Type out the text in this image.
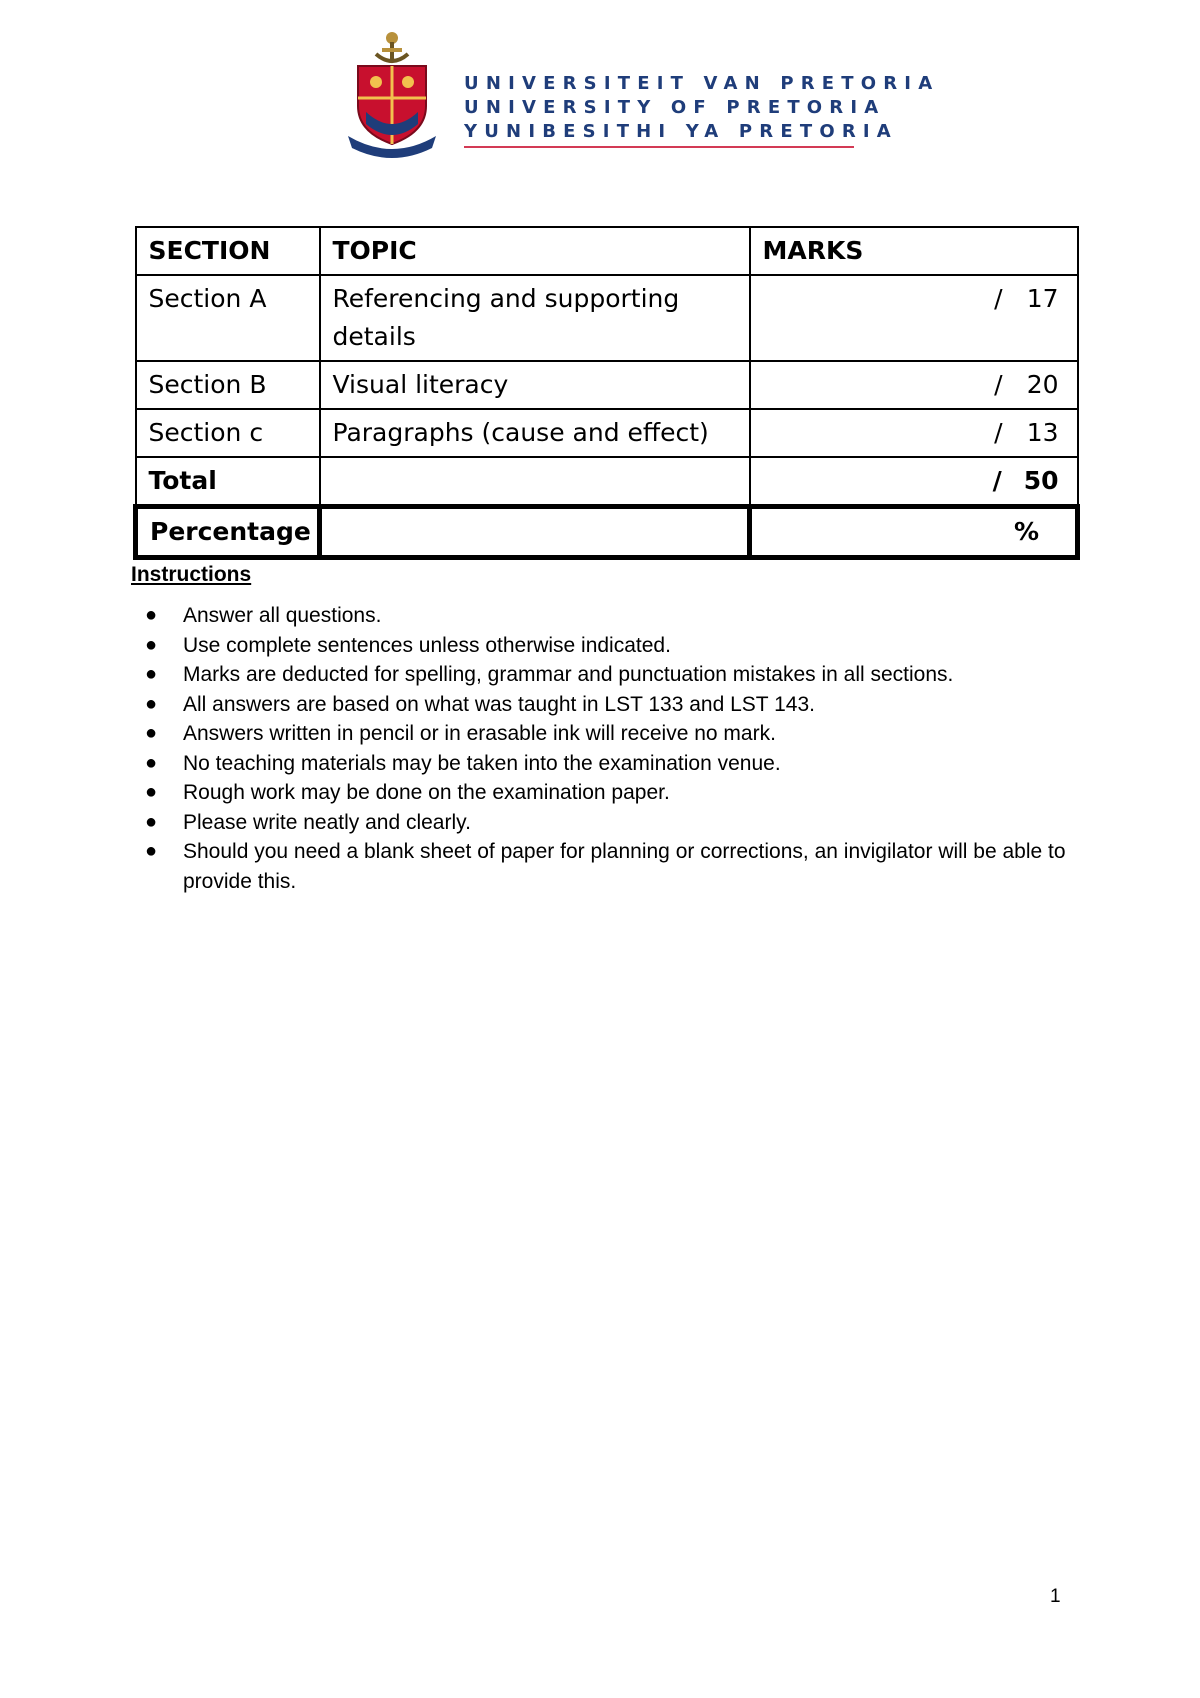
UNIVERSITEIT VAN PRETORIA
UNIVERSITY OF PRETORIA
YUNIBESITHI YA PRETORIA
SECTION	TOPIC	MARKS
Section A	Referencing and supporting details	/ 17
Section B	Visual literacy	/ 20
Section c	Paragraphs (cause and effect)	/ 13
Total		/ 50
Percentage		%
Instructions
● Answer all questions.
● Use complete sentences unless otherwise indicated.
● Marks are deducted for spelling, grammar and punctuation mistakes in all sections.
● All answers are based on what was taught in LST 133 and LST 143.
● Answers written in pencil or in erasable ink will receive no mark.
● No teaching materials may be taken into the examination venue.
● Rough work may be done on the examination paper.
● Please write neatly and clearly.
● Should you need a blank sheet of paper for planning or corrections, an invigilator will be able to provide this.
1
